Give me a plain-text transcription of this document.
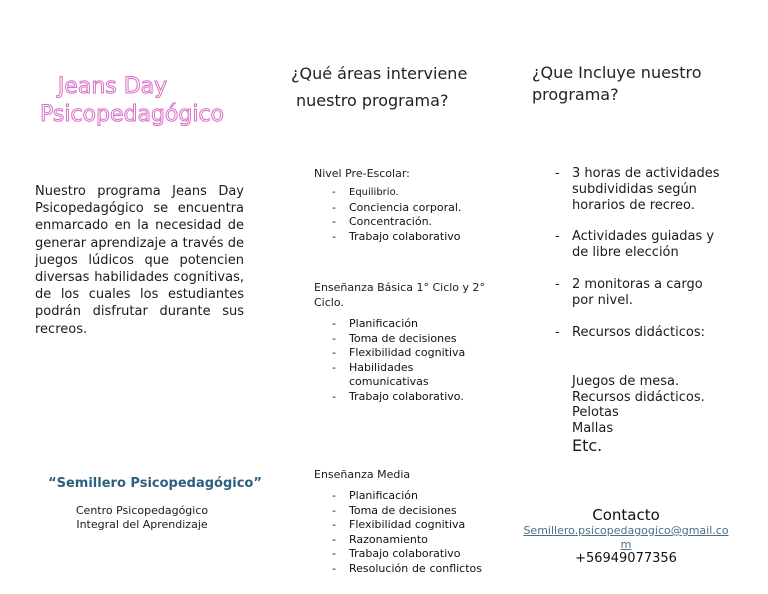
Jeans Day Psicopedagógico
Nuestro programa Jeans Day Psicopedagógico se encuentra enmarcado en la necesidad de generar aprendizaje a través de juegos lúdicos que potencien diversas habilidades cognitivas, de los cuales los estudiantes podrán disfrutar durante sus recreos.
“Semillero Psicopedagógico”
Centro Psicopedagógico
Integral del Aprendizaje
¿Qué áreas interviene
nuestro programa?
Nivel Pre-Escolar:
- Equilibrio.
- Conciencia corporal.
- Concentración.
- Trabajo colaborativo
Enseñanza Básica 1° Ciclo y 2° Ciclo.
- Planificación
- Toma de decisiones
- Flexibilidad cognitiva
- Habilidades comunicativas
- Trabajo colaborativo.
Enseñanza Media
- Planificación
- Toma de decisiones
- Flexibilidad cognitiva
- Razonamiento
- Trabajo colaborativo
- Resolución de conflictos
¿Que Incluye nuestro programa?
- 3 horas de actividades subdivididas según horarios de recreo.
- Actividades guiadas y de libre elección
- 2 monitoras a cargo por nivel.
- Recursos didácticos:
Juegos de mesa.
Recursos didácticos.
Pelotas
Mallas
Etc.
Contacto
Semillero.psicopedagogico@gmail.com
+56949077356
